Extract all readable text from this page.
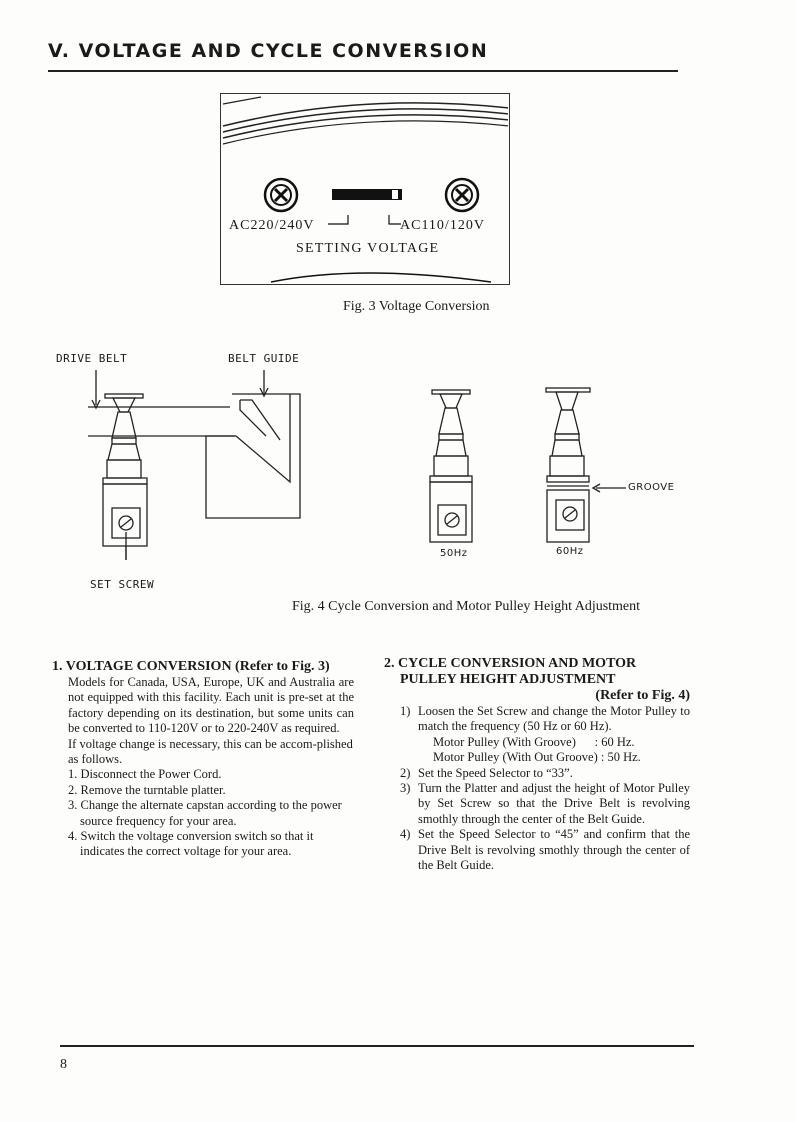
V. VOLTAGE AND CYCLE CONVERSION
AC220/240V	AC110/120V
SETTING VOLTAGE
Fig. 3 Voltage Conversion
DRIVE BELT	BELT GUIDE
SET SCREW
GROOVE
50Hz	60Hz
Fig. 4 Cycle Conversion and Motor Pulley Height Adjustment
1. VOLTAGE CONVERSION (Refer to Fig. 3)
Models for Canada, USA, Europe, UK and Australia are not equipped with this facility. Each unit is pre-set at the factory depending on its destination, but some units can be converted to 110-120V or to 220-240V as required.
If voltage change is necessary, this can be accom-plished as follows.
1. Disconnect the Power Cord.
2. Remove the turntable platter.
3. Change the alternate capstan according to the power source frequency for your area.
4. Switch the voltage conversion switch so that it indicates the correct voltage for your area.
2. CYCLE CONVERSION AND MOTOR
PULLEY HEIGHT ADJUSTMENT
(Refer to Fig. 4)
1) Loosen the Set Screw and change the Motor Pulley to match the frequency (50 Hz or 60 Hz).
Motor Pulley (With Groove)      : 60 Hz.
Motor Pulley (With Out Groove) : 50 Hz.
2) Set the Speed Selector to “33”.
3) Turn the Platter and adjust the height of Motor Pulley by Set Screw so that the Drive Belt is revolving smothly through the center of the Belt Guide.
4) Set the Speed Selector to “45” and confirm that the Drive Belt is revolving smothly through the center of the Belt Guide.
8
